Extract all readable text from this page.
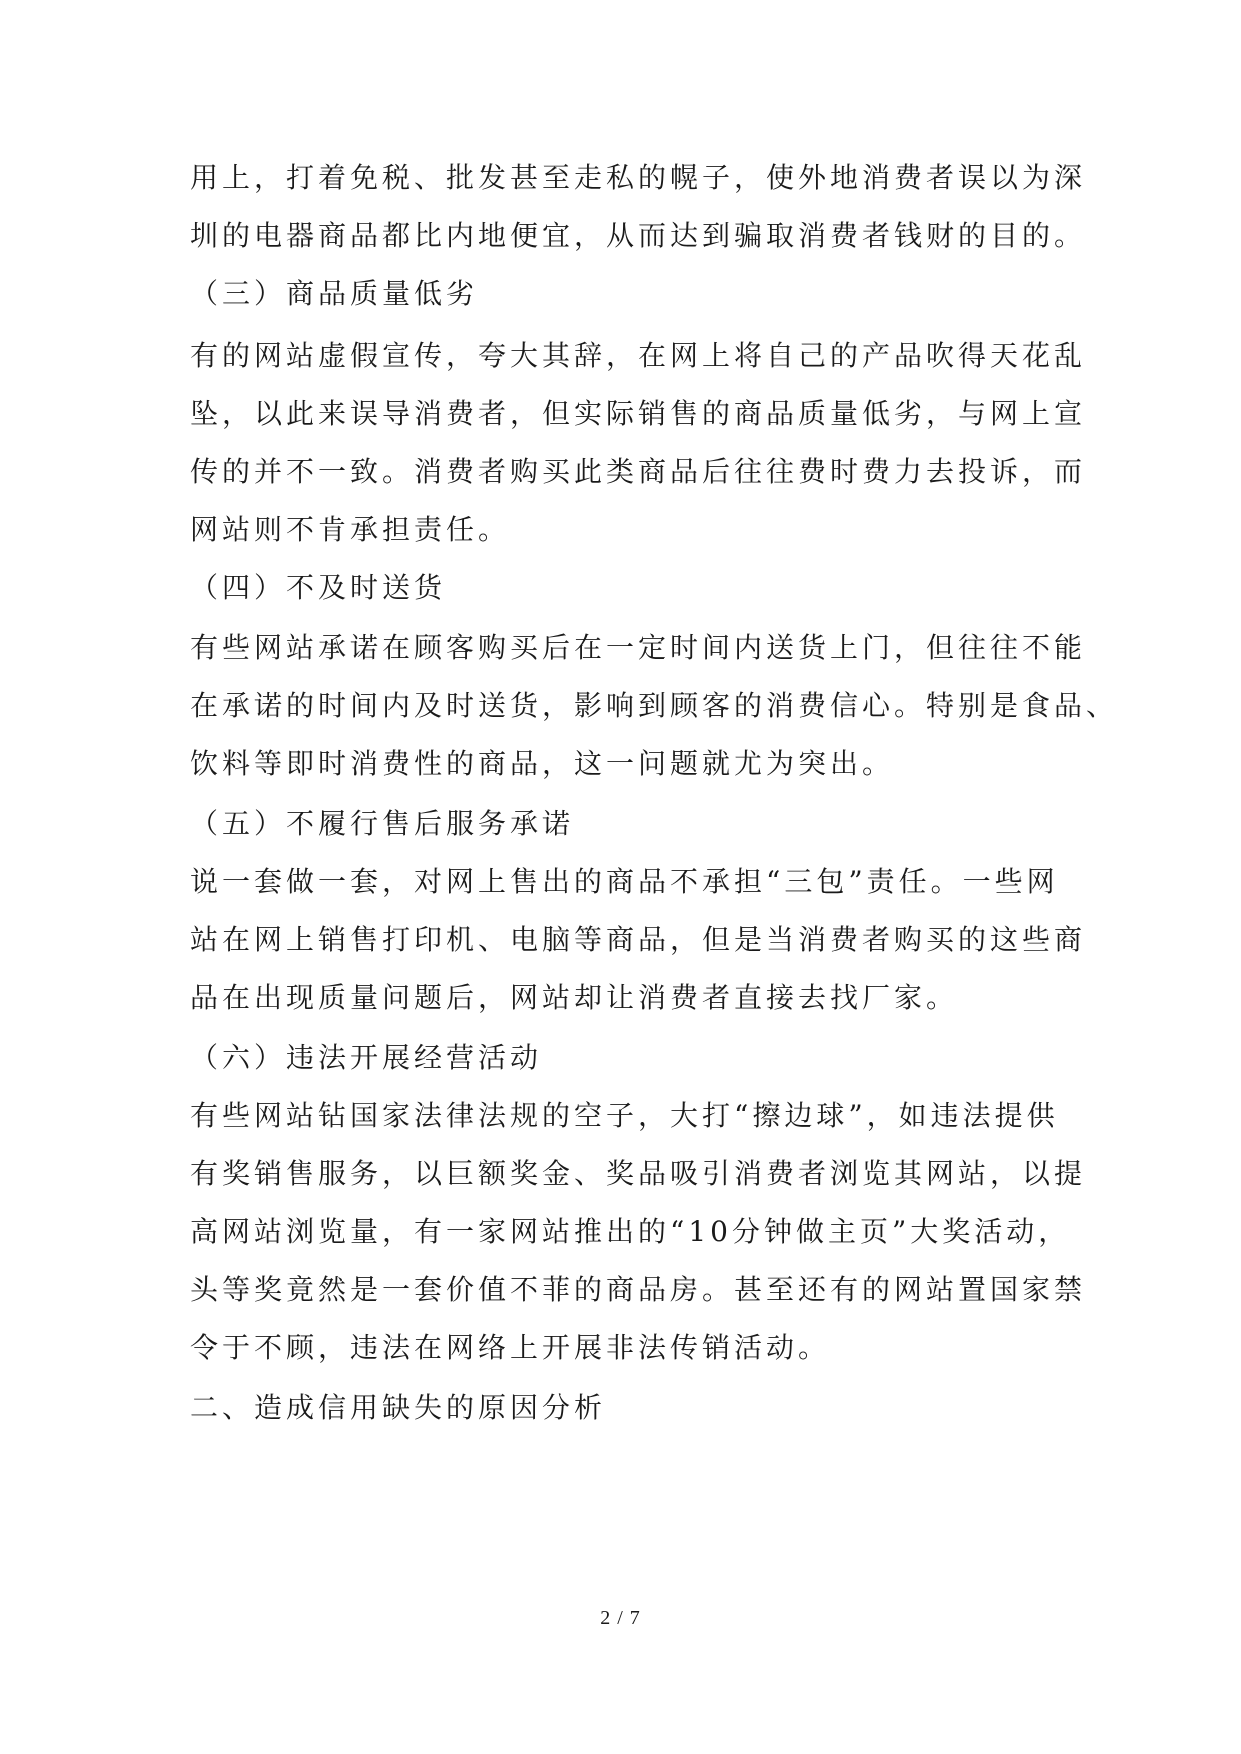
用上，打着免税、批发甚至走私的幌子，使外地消费者误以为深
圳的电器商品都比内地便宜，从而达到骗取消费者钱财的目的。
（三）商品质量低劣
有的网站虚假宣传，夸大其辞，在网上将自己的产品吹得天花乱
坠，以此来误导消费者，但实际销售的商品质量低劣，与网上宣
传的并不一致。消费者购买此类商品后往往费时费力去投诉，而
网站则不肯承担责任。
（四）不及时送货
有些网站承诺在顾客购买后在一定时间内送货上门，但往往不能
在承诺的时间内及时送货，影响到顾客的消费信心。特别是食品、
饮料等即时消费性的商品，这一问题就尤为突出。
（五）不履行售后服务承诺
说一套做一套，对网上售出的商品不承担“三包”责任。一些网
站在网上销售打印机、电脑等商品，但是当消费者购买的这些商
品在出现质量问题后，网站却让消费者直接去找厂家。
（六）违法开展经营活动
有些网站钻国家法律法规的空子，大打“擦边球”，如违法提供
有奖销售服务，以巨额奖金、奖品吸引消费者浏览其网站，以提
高网站浏览量，有一家网站推出的“10分钟做主页”大奖活动，
头等奖竟然是一套价值不菲的商品房。甚至还有的网站置国家禁
令于不顾，违法在网络上开展非法传销活动。
二、造成信用缺失的原因分析
2 / 7
